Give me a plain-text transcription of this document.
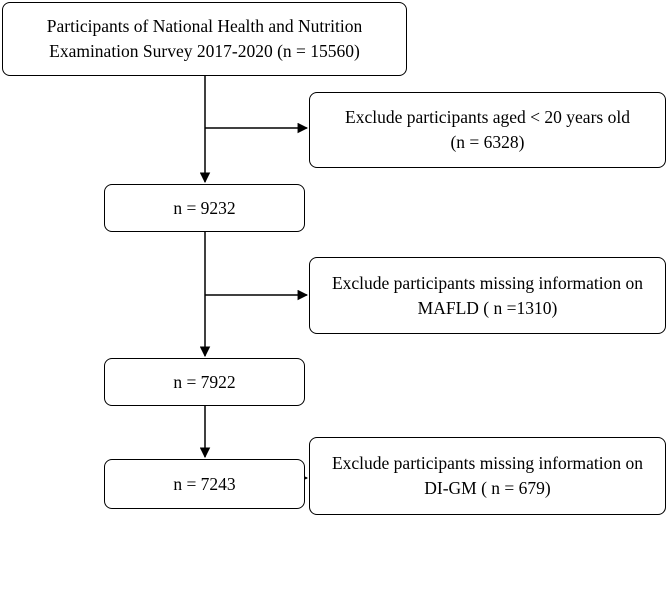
Participants of National Health and Nutrition
Examination Survey 2017-2020 (n = 15560)
Exclude participants aged < 20 years old
(n = 6328)
n = 9232
Exclude participants missing information on
MAFLD ( n =1310)
n = 7922
Exclude participants missing information on
DI-GM ( n = 679)
n = 7243
